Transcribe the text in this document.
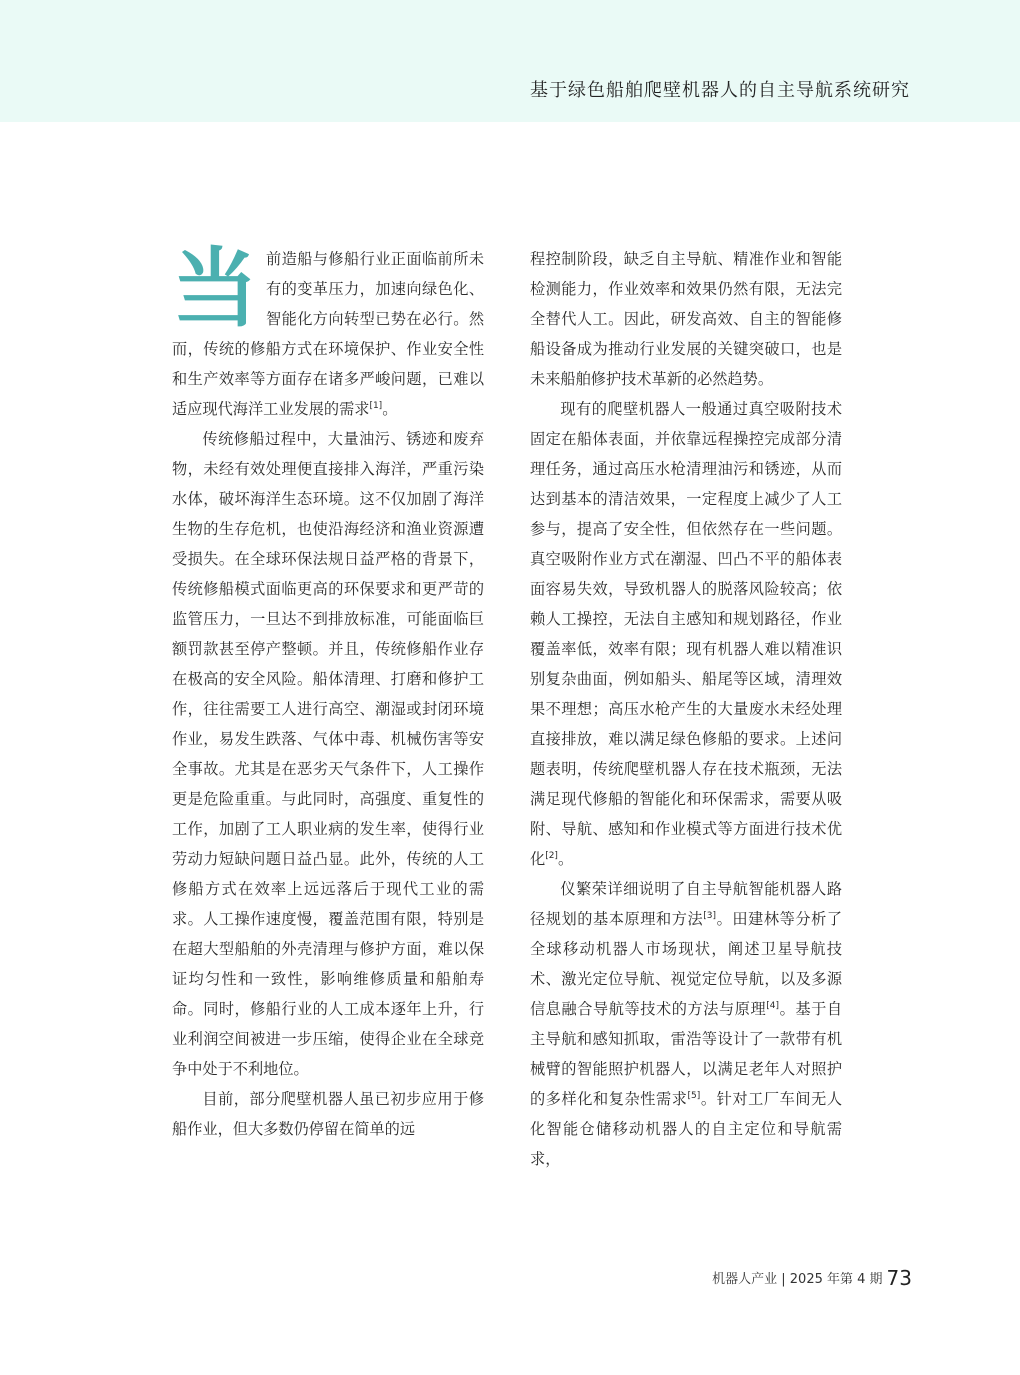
基于绿色船舶爬壁机器人的自主导航系统研究

当前造船与修船行业正面临前所未有的变革压力，加速向绿色化、智能化方向转型已势在必行。然而，传统的修船方式在环境保护、作业安全性和生产效率等方面存在诸多严峻问题，已难以适应现代海洋工业发展的需求[1]。

传统修船过程中，大量油污、锈迹和废弃物，未经有效处理便直接排入海洋，严重污染水体，破坏海洋生态环境。这不仅加剧了海洋生物的生存危机，也使沿海经济和渔业资源遭受损失。在全球环保法规日益严格的背景下，传统修船模式面临更高的环保要求和更严苛的监管压力，一旦达不到排放标准，可能面临巨额罚款甚至停产整顿。并且，传统修船作业存在极高的安全风险。船体清理、打磨和修护工作，往往需要工人进行高空、潮湿或封闭环境作业，易发生跌落、气体中毒、机械伤害等安全事故。尤其是在恶劣天气条件下，人工操作更是危险重重。与此同时，高强度、重复性的工作，加剧了工人职业病的发生率，使得行业劳动力短缺问题日益凸显。此外，传统的人工修船方式在效率上远远落后于现代工业的需求。人工操作速度慢，覆盖范围有限，特别是在超大型船舶的外壳清理与修护方面，难以保证均匀性和一致性，影响维修质量和船舶寿命。同时，修船行业的人工成本逐年上升，行业利润空间被进一步压缩，使得企业在全球竞争中处于不利地位。

目前，部分爬壁机器人虽已初步应用于修船作业，但大多数仍停留在简单的远

程控制阶段，缺乏自主导航、精准作业和智能检测能力，作业效率和效果仍然有限，无法完全替代人工。因此，研发高效、自主的智能修船设备成为推动行业发展的关键突破口，也是未来船舶修护技术革新的必然趋势。

现有的爬壁机器人一般通过真空吸附技术固定在船体表面，并依靠远程操控完成部分清理任务，通过高压水枪清理油污和锈迹，从而达到基本的清洁效果，一定程度上减少了人工参与，提高了安全性，但依然存在一些问题。真空吸附作业方式在潮湿、凹凸不平的船体表面容易失效，导致机器人的脱落风险较高；依赖人工操控，无法自主感知和规划路径，作业覆盖率低，效率有限；现有机器人难以精准识别复杂曲面，例如船头、船尾等区域，清理效果不理想；高压水枪产生的大量废水未经处理直接排放，难以满足绿色修船的要求。上述问题表明，传统爬壁机器人存在技术瓶颈，无法满足现代修船的智能化和环保需求，需要从吸附、导航、感知和作业模式等方面进行技术优化[2]。

仪繁荣详细说明了自主导航智能机器人路径规划的基本原理和方法[3]。田建林等分析了全球移动机器人市场现状，阐述卫星导航技术、激光定位导航、视觉定位导航，以及多源信息融合导航等技术的方法与原理[4]。基于自主导航和感知抓取，雷浩等设计了一款带有机械臂的智能照护机器人，以满足老年人对照护的多样化和复杂性需求[5]。针对工厂车间无人化智能仓储移动机器人的自主定位和导航需求，

机器人产业 | 2025 年第 4 期 73
